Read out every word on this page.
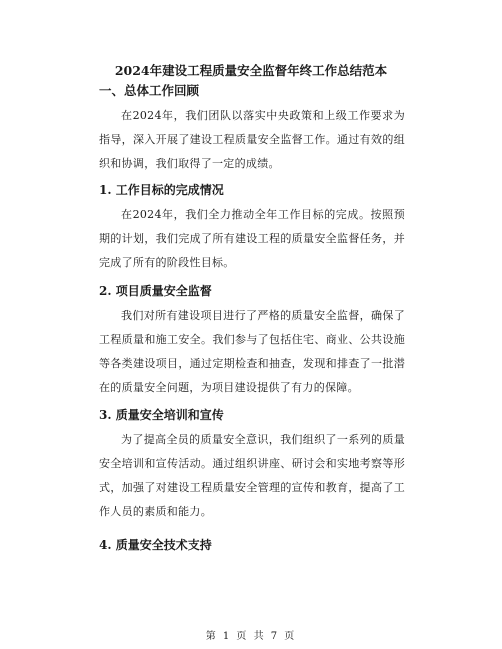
2024年建设工程质量安全监督年终工作总结范本
一、总体工作回顾
在2024年，我们团队以落实中央政策和上级工作要求为指导，深入开展了建设工程质量安全监督工作。通过有效的组织和协调，我们取得了一定的成绩。
1. 工作目标的完成情况
在2024年，我们全力推动全年工作目标的完成。按照预期的计划，我们完成了所有建设工程的质量安全监督任务，并完成了所有的阶段性目标。
2. 项目质量安全监督
我们对所有建设项目进行了严格的质量安全监督，确保了工程质量和施工安全。我们参与了包括住宅、商业、公共设施等各类建设项目，通过定期检查和抽查，发现和排查了一批潜在的质量安全问题，为项目建设提供了有力的保障。
3. 质量安全培训和宣传
为了提高全员的质量安全意识，我们组织了一系列的质量安全培训和宣传活动。通过组织讲座、研讨会和实地考察等形式，加强了对建设工程质量安全管理的宣传和教育，提高了工作人员的素质和能力。
4. 质量安全技术支持
第 1 页 共 7 页
